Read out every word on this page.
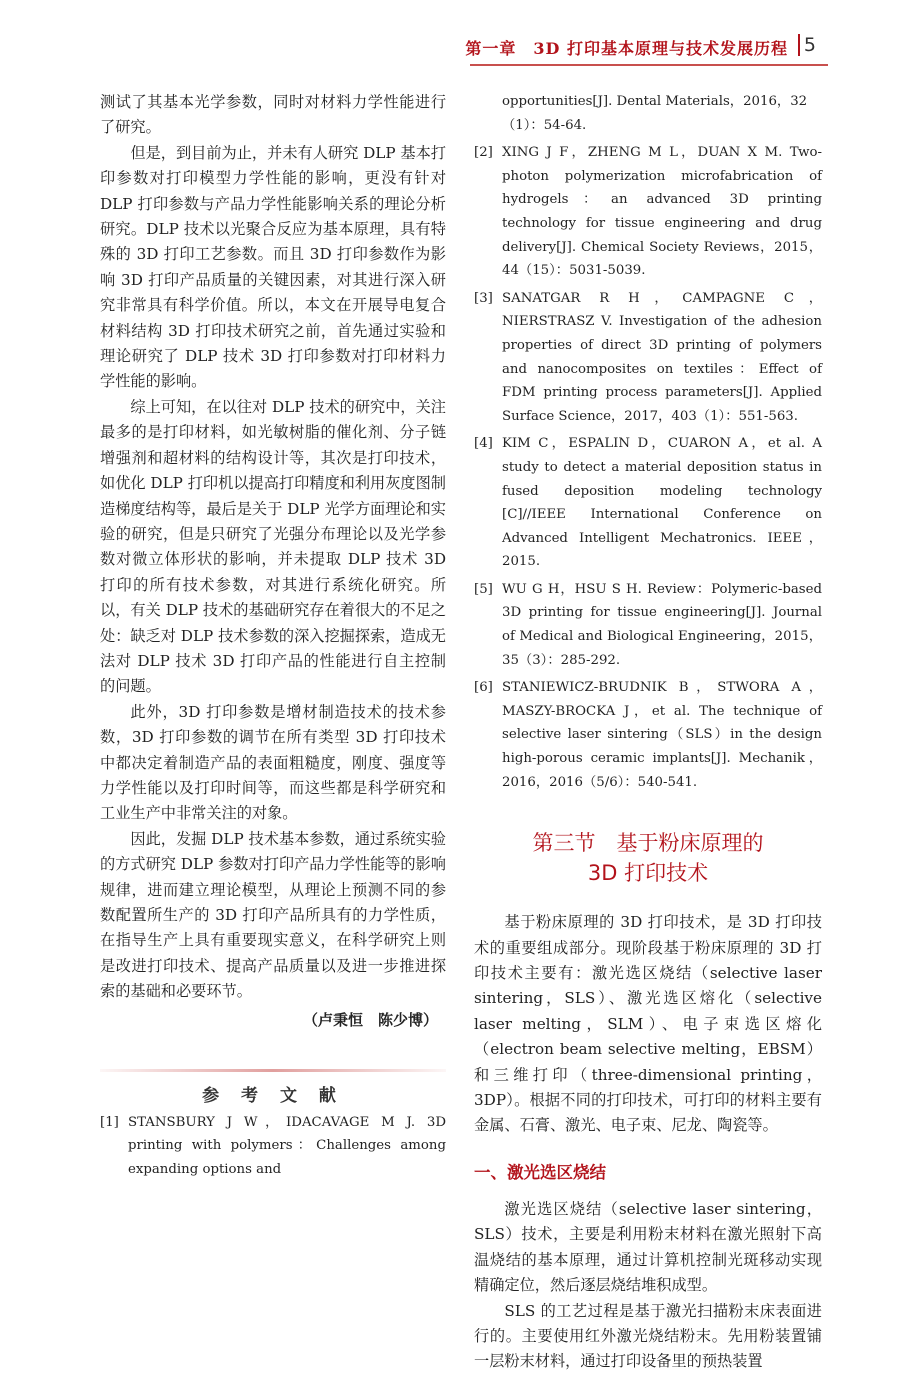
第一章　3D 打印基本原理与技术发展历程 5

测试了其基本光学参数，同时对材料力学性能进行了研究。

但是，到目前为止，并未有人研究 DLP 基本打印参数对打印模型力学性能的影响，更没有针对 DLP 打印参数与产品力学性能影响关系的理论分析研究。DLP 技术以光聚合反应为基本原理，具有特殊的 3D 打印工艺参数。而且 3D 打印参数作为影响 3D 打印产品质量的关键因素，对其进行深入研究非常具有科学价值。所以，本文在开展导电复合材料结构 3D 打印技术研究之前，首先通过实验和理论研究了 DLP 技术 3D 打印参数对打印材料力学性能的影响。

综上可知，在以往对 DLP 技术的研究中，关注最多的是打印材料，如光敏树脂的催化剂、分子链增强剂和超材料的结构设计等，其次是打印技术，如优化 DLP 打印机以提高打印精度和利用灰度图制造梯度结构等，最后是关于 DLP 光学方面理论和实验的研究，但是只研究了光强分布理论以及光学参数对微立体形状的影响，并未提取 DLP 技术 3D 打印的所有技术参数，对其进行系统化研究。所以，有关 DLP 技术的基础研究存在着很大的不足之处：缺乏对 DLP 技术参数的深入挖掘探索，造成无法对 DLP 技术 3D 打印产品的性能进行自主控制的问题。

此外，3D 打印参数是增材制造技术的技术参数，3D 打印参数的调节在所有类型 3D 打印技术中都决定着制造产品的表面粗糙度，刚度、强度等力学性能以及打印时间等，而这些都是科学研究和工业生产中非常关注的对象。

因此，发掘 DLP 技术基本参数，通过系统实验的方式研究 DLP 参数对打印产品力学性能等的影响规律，进而建立理论模型，从理论上预测不同的参数配置所生产的 3D 打印产品所具有的力学性质，在指导生产上具有重要现实意义，在科学研究上则是改进打印技术、提高产品质量以及进一步推进探索的基础和必要环节。

（卢秉恒　陈少博）
参 考 文 献
[1] STANSBURY J W，IDACAVAGE M J. 3D printing with polymers：Challenges among expanding options and
opportunities[J]. Dental Materials，2016，32（1）：54-64.
[2] XING J F，ZHENG M L，DUAN X M. Two-photon polymerization microfabrication of hydrogels：an advanced 3D printing technology for tissue engineering and drug delivery[J]. Chemical Society Reviews，2015，44（15）：5031-5039.
[3] SANATGAR R H，CAMPAGNE C，NIERSTRASZ V. Investigation of the adhesion properties of direct 3D printing of polymers and nanocomposites on textiles：Effect of FDM printing process parameters[J]. Applied Surface Science，2017，403（1）：551-563.
[4] KIM C，ESPALIN D，CUARON A，et al. A study to detect a material deposition status in fused deposition modeling technology [C]//IEEE International Conference on Advanced Intelligent Mechatronics. IEEE，2015.
[5] WU G H，HSU S H. Review：Polymeric-based 3D printing for tissue engineering[J]. Journal of Medical and Biological Engineering，2015，35（3）：285-292.
[6] STANIEWICZ-BRUDNIK B，STWORA A，MASZY-BROCKA J，et al. The technique of selective laser sintering（SLS）in the design high-porous ceramic implants[J]. Mechanik，2016，2016（5/6）：540-541.
第三节　基于粉床原理的
3D 打印技术

基于粉床原理的 3D 打印技术，是 3D 打印技术的重要组成部分。现阶段基于粉床原理的 3D 打印技术主要有：激光选区烧结（selective laser sintering，SLS）、激光选区熔化（selective laser melting，SLM）、电子束选区熔化（electron beam selective melting，EBSM）和三维打印（three-dimensional printing，3DP）。根据不同的打印技术，可打印的材料主要有金属、石膏、激光、电子束、尼龙、陶瓷等。

一、激光选区烧结

激光选区烧结（selective laser sintering，SLS）技术，主要是利用粉末材料在激光照射下高温烧结的基本原理，通过计算机控制光斑移动实现精确定位，然后逐层烧结堆积成型。

SLS 的工艺过程是基于激光扫描粉末床表面进行的。主要使用红外激光烧结粉末。先用粉装置铺一层粉末材料，通过打印设备里的预热装置
